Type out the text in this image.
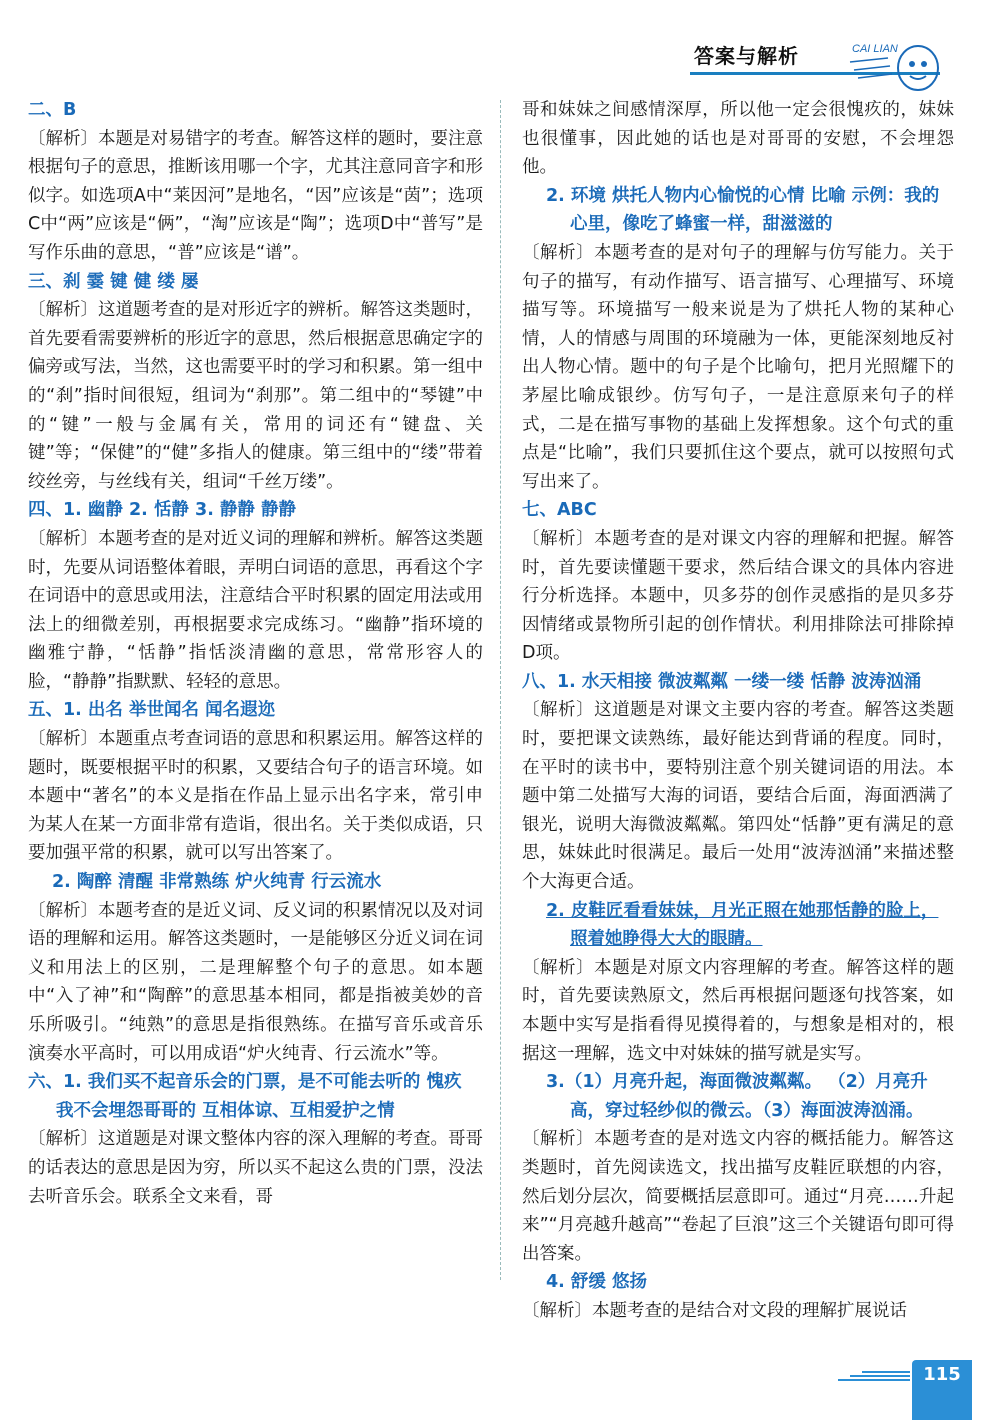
答案与解析	CAI LIAN
二、B
〔解析〕本题是对易错字的考查。解答这样的题时，要注意根据句子的意思，推断该用哪一个字，尤其注意同音字和形似字。如选项A中“莱因河”是地名，“因”应该是“茵”；选项C中“两”应该是“俩”，“淘”应该是“陶”；选项D中“普写”是写作乐曲的意思，“普”应该是“谱”。
三、刹 霎 键 健 缕 屡
〔解析〕这道题考查的是对形近字的辨析。解答这类题时，首先要看需要辨析的形近字的意思，然后根据意思确定字的偏旁或写法，当然，这也需要平时的学习和积累。第一组中的“刹”指时间很短，组词为“刹那”。第二组中的“琴键”中的“键”一般与金属有关，常用的词还有“键盘、关键”等；“保健”的“健”多指人的健康。第三组中的“缕”带着绞丝旁，与丝线有关，组词“千丝万缕”。
四、1. 幽静 2. 恬静 3. 静静 静静
〔解析〕本题考查的是对近义词的理解和辨析。解答这类题时，先要从词语整体着眼，弄明白词语的意思，再看这个字在词语中的意思或用法，注意结合平时积累的固定用法或用法上的细微差别，再根据要求完成练习。“幽静”指环境的幽雅宁静，“恬静”指恬淡清幽的意思，常常形容人的脸，“静静”指默默、轻轻的意思。
五、1. 出名 举世闻名 闻名遐迩
〔解析〕本题重点考查词语的意思和积累运用。解答这样的题时，既要根据平时的积累，又要结合句子的语言环境。如本题中“著名”的本义是指在作品上显示出名字来，常引申为某人在某一方面非常有造诣，很出名。关于类似成语，只要加强平常的积累，就可以写出答案了。
2. 陶醉 清醒 非常熟练 炉火纯青 行云流水
〔解析〕本题考查的是近义词、反义词的积累情况以及对词语的理解和运用。解答这类题时，一是能够区分近义词在词义和用法上的区别，二是理解整个句子的意思。如本题中“入了神”和“陶醉”的意思基本相同，都是指被美妙的音乐所吸引。“纯熟”的意思是指很熟练。在描写音乐或音乐演奏水平高时，可以用成语“炉火纯青、行云流水”等。
六、1. 我们买不起音乐会的门票，是不可能去听的 愧疚 我不会埋怨哥哥的 互相体谅、互相爱护之情
〔解析〕这道题是对课文整体内容的深入理解的考查。哥哥的话表达的意思是因为穷，所以买不起这么贵的门票，没法去听音乐会。联系全文来看，哥
哥和妹妹之间感情深厚，所以他一定会很愧疚的，妹妹也很懂事，因此她的话也是对哥哥的安慰，不会埋怨他。
2. 环境 烘托人物内心愉悦的心情 比喻 示例：我的心里，像吃了蜂蜜一样，甜滋滋的
〔解析〕本题考查的是对句子的理解与仿写能力。关于句子的描写，有动作描写、语言描写、心理描写、环境描写等。环境描写一般来说是为了烘托人物的某种心情，人的情感与周围的环境融为一体，更能深刻地反衬出人物心情。题中的句子是个比喻句，把月光照耀下的茅屋比喻成银纱。仿写句子，一是注意原来句子的样式，二是在描写事物的基础上发挥想象。这个句式的重点是“比喻”，我们只要抓住这个要点，就可以按照句式写出来了。
七、ABC
〔解析〕本题考查的是对课文内容的理解和把握。解答时，首先要读懂题干要求，然后结合课文的具体内容进行分析选择。本题中，贝多芬的创作灵感指的是贝多芬因情绪或景物所引起的创作情状。利用排除法可排除掉D项。
八、1. 水天相接 微波粼粼 一缕一缕 恬静 波涛汹涌
〔解析〕这道题是对课文主要内容的考查。解答这类题时，要把课文读熟练，最好能达到背诵的程度。同时，在平时的读书中，要特别注意个别关键词语的用法。本题中第二处描写大海的词语，要结合后面，海面洒满了银光，说明大海微波粼粼。第四处“恬静”更有满足的意思，妹妹此时很满足。最后一处用“波涛汹涌”来描述整个大海更合适。
2. 皮鞋匠看看妹妹，月光正照在她那恬静的脸上，照着她睁得大大的眼睛。
〔解析〕本题是对原文内容理解的考查。解答这样的题时，首先要读熟原文，然后再根据问题逐句找答案，如本题中实写是指看得见摸得着的，与想象是相对的，根据这一理解，选文中对妹妹的描写就是实写。
3.（1）月亮升起，海面微波粼粼。 （2）月亮升高，穿过轻纱似的微云。（3）海面波涛汹涌。
〔解析〕本题考查的是对选文内容的概括能力。解答这类题时，首先阅读选文，找出描写皮鞋匠联想的内容，然后划分层次，简要概括层意即可。通过“月亮……升起来”“月亮越升越高”“卷起了巨浪”这三个关键语句即可得出答案。
4. 舒缓 悠扬
〔解析〕本题考查的是结合对文段的理解扩展说话
115
